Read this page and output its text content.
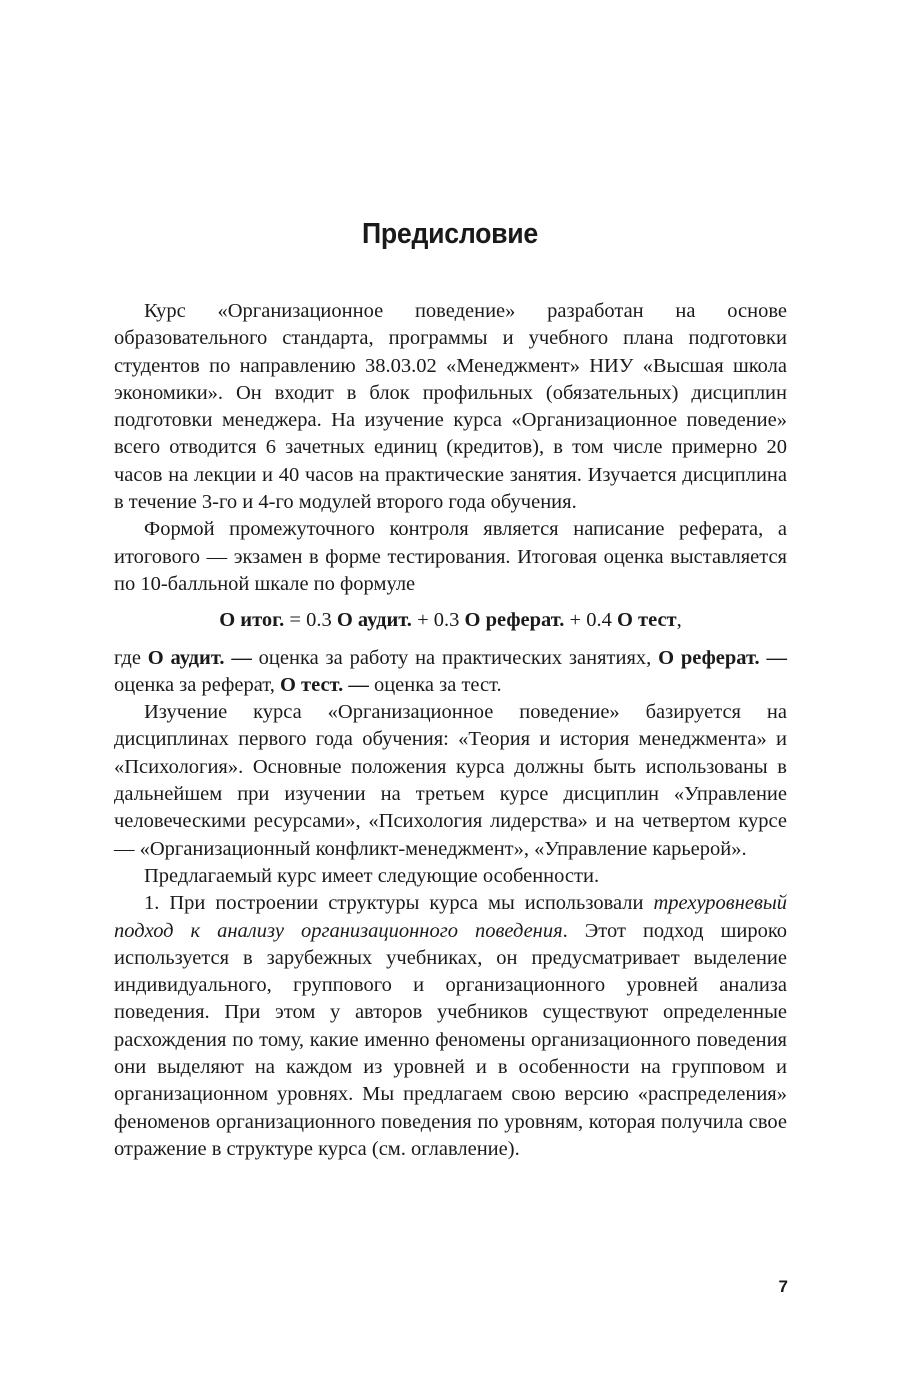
Предисловие

Курс «Организационное поведение» разработан на основе образовательного стандарта, программы и учебного плана подготовки студентов по направлению 38.03.02 «Менеджмент» НИУ «Высшая школа экономики». Он входит в блок профильных (обязательных) дисциплин подготовки менеджера. На изучение курса «Организационное поведение» всего отводится 6 зачетных единиц (кредитов), в том числе примерно 20 часов на лекции и 40 часов на практические занятия. Изучается дисциплина в течение 3-го и 4-го модулей второго года обучения.

Формой промежуточного контроля является написание реферата, а итогового — экзамен в форме тестирования. Итоговая оценка выставляется по 10-балльной шкале по формуле

О итог. = 0.3 О аудит. + 0.3 О реферат. + 0.4 О тест,

где О аудит. — оценка за работу на практических занятиях, О реферат. — оценка за реферат, О тест. — оценка за тест.

Изучение курса «Организационное поведение» базируется на дисциплинах первого года обучения: «Теория и история менеджмента» и «Психология». Основные положения курса должны быть использованы в дальнейшем при изучении на третьем курсе дисциплин «Управление человеческими ресурсами», «Психология лидерства» и на четвертом курсе — «Организационный конфликт-менеджмент», «Управление карьерой».

Предлагаемый курс имеет следующие особенности.

1. При построении структуры курса мы использовали трехуровневый подход к анализу организационного поведения. Этот подход широко используется в зарубежных учебниках, он предусматривает выделение индивидуального, группового и организационного уровней анализа поведения. При этом у авторов учебников существуют определенные расхождения по тому, какие именно феномены организационного поведения они выделяют на каждом из уровней и в особенности на групповом и организационном уровнях. Мы предлагаем свою версию «распределения» феноменов организационного поведения по уровням, которая получила свое отражение в структуре курса (см. оглавление).

7
